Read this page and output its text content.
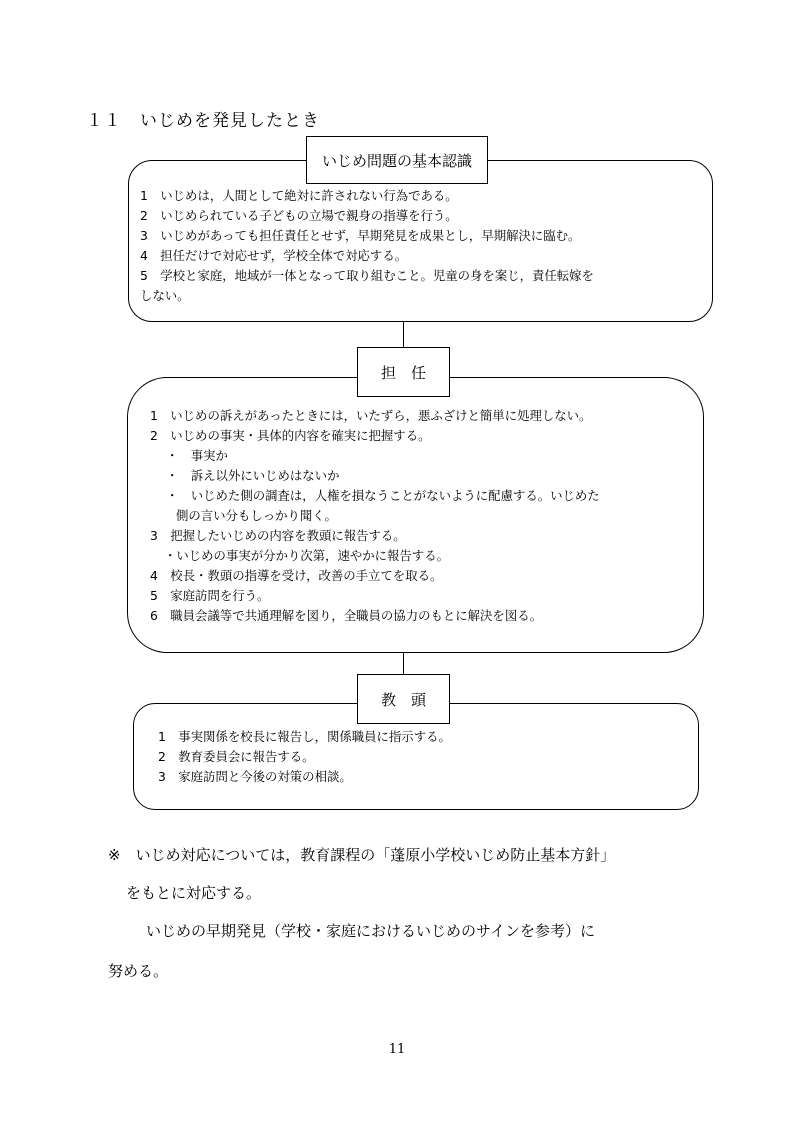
１１　いじめを発見したとき
いじめ問題の基本認識
1　いじめは，人間として絶対に許されない行為である。
2　いじめられている子どもの立場で親身の指導を行う。
3　いじめがあっても担任責任とせず，早期発見を成果とし，早期解決に臨む。
4　担任だけで対応せず，学校全体で対応する。
5　学校と家庭，地域が一体となって取り組むこと。児童の身を案じ，責任転嫁を
しない。
担　任
1　いじめの訴えがあったときには，いたずら，悪ふざけと簡単に処理しない。
2　いじめの事実・具体的内容を確実に把握する。
・　事実か
・　訴え以外にいじめはないか
・　いじめた側の調査は，人権を損なうことがないように配慮する。いじめた
側の言い分もしっかり聞く。
3　把握したいじめの内容を教頭に報告する。
・いじめの事実が分かり次第，速やかに報告する。
4　校長・教頭の指導を受け，改善の手立てを取る。
5　家庭訪問を行う。
6　職員会議等で共通理解を図り，全職員の協力のもとに解決を図る。
教　頭
1　事実関係を校長に報告し，関係職員に指示する。
2　教育委員会に報告する。
3　家庭訪問と今後の対策の相談。
※　いじめ対応については，教育課程の「蓬原小学校いじめ防止基本方針」
をもとに対応する。
いじめの早期発見（学校・家庭におけるいじめのサインを参考）に
努める。
11
